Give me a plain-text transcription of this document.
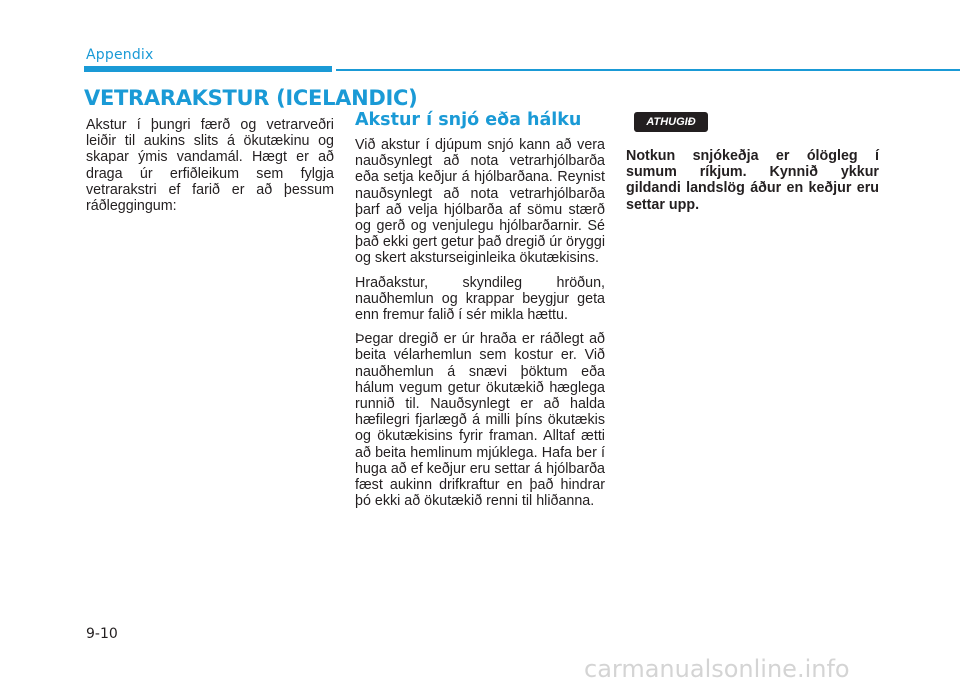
Appendix
VETRARAKSTUR (ICELANDIC)

Akstur í þungri færð og vetrarveðri leiðir til aukins slits á ökutækinu og skapar ýmis vandamál. Hægt er að draga úr erfiðleikum sem fylgja vetrarakstri ef farið er að þessum ráðleggingum:

Akstur í snjó eða hálku

Við akstur í djúpum snjó kann að vera nauðsynlegt að nota vetrarhjólbarða eða setja keðjur á hjólbarðana. Reynist nauðsynlegt að nota vetrarhjólbarða þarf að velja hjólbarða af sömu stærð og gerð og venjulegu hjólbarðarnir. Sé það ekki gert getur það dregið úr öryggi og skert aksturseiginleika ökutækisins.

Hraðakstur, skyndileg hröðun, nauðhemlun og krappar beygjur geta enn fremur falið í sér mikla hættu.

Þegar dregið er úr hraða er ráðlegt að beita vélarhemlun sem kostur er. Við nauðhemlun á snævi þöktum eða hálum vegum getur ökutækið hæglega runnið til. Nauðsynlegt er að halda hæfilegri fjarlægð á milli þíns ökutækis og ökutækisins fyrir framan. Alltaf ætti að beita hemlinum mjúklega. Hafa ber í huga að ef keðjur eru settar á hjólbarða fæst aukinn drifkraftur en það hindrar þó ekki að ökutækið renni til hliðanna.

ATHUGIÐ
Notkun snjókeðja er ólögleg í sumum ríkjum. Kynnið ykkur gildandi landslög áður en keðjur eru settar upp.
9-10
carmanualsonline.info
